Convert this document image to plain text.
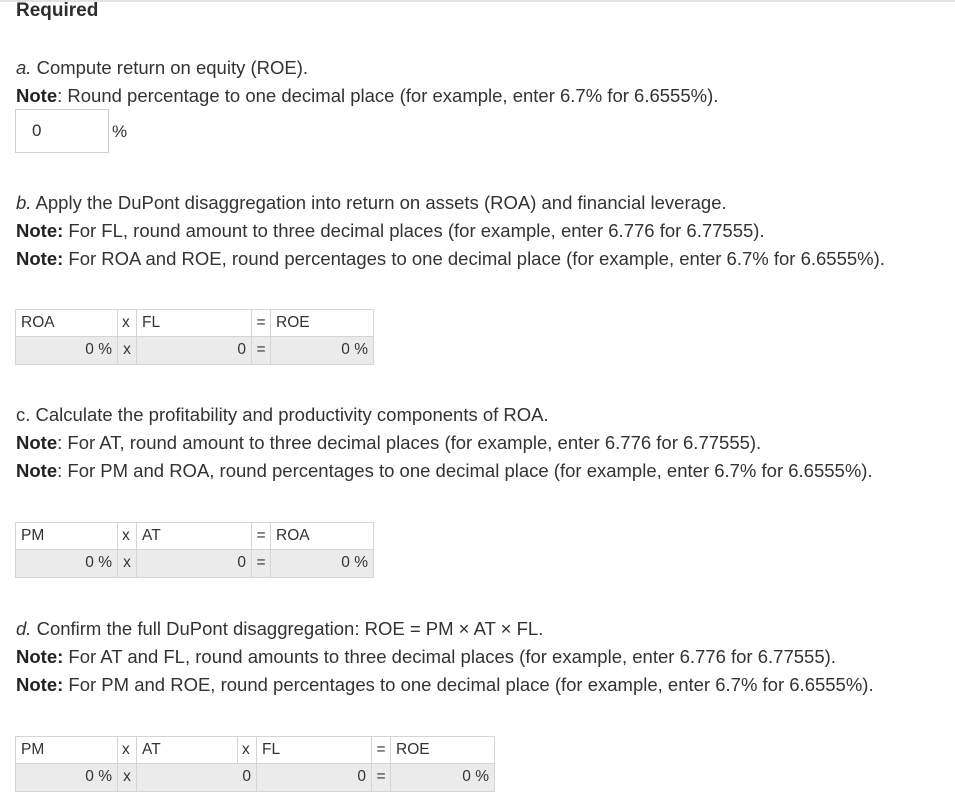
Required
a. Compute return on equity (ROE).
Note: Round percentage to one decimal place (for example, enter 6.7% for 6.6555%).
0
%
b. Apply the DuPont disaggregation into return on assets (ROA) and financial leverage.
Note: For FL, round amount to three decimal places (for example, enter 6.776 for 6.77555).
Note: For ROA and ROE, round percentages to one decimal place (for example, enter 6.7% for 6.6555%).
ROA	x FL	= ROE
0 % x	0 =	0 %
c. Calculate the profitability and productivity components of ROA.
Note: For AT, round amount to three decimal places (for example, enter 6.776 for 6.77555).
Note: For PM and ROA, round percentages to one decimal place (for example, enter 6.7% for 6.6555%).
PM	x AT	= ROA
0 % x	0 =	0 %
d. Confirm the full DuPont disaggregation: ROE = PM × AT × FL.
Note: For AT and FL, round amounts to three decimal places (for example, enter 6.776 for 6.77555).
Note: For PM and ROE, round percentages to one decimal place (for example, enter 6.7% for 6.6555%).
PM	x AT	x FL	= ROE
0 % x	0	0 =	0 %
